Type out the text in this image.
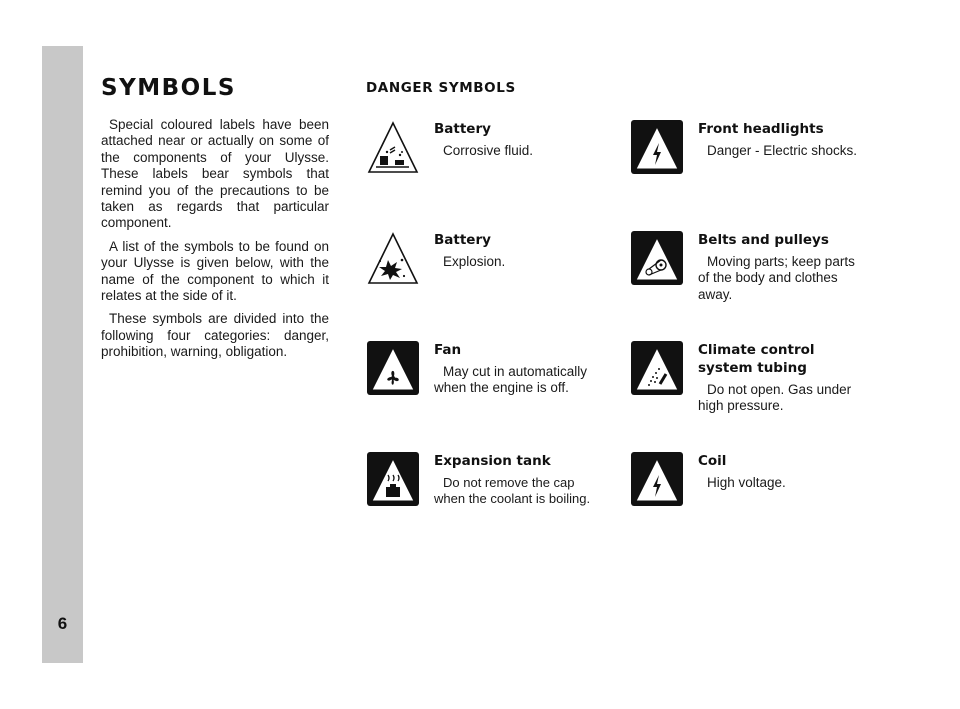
6
SYMBOLS

Special coloured labels have been attached near or actually on some of the components of your Ulysse. These labels bear symbols that remind you of the precautions to be taken as regards that particular component.

A list of the symbols to be found on your Ulysse is given below, with the name of the component to which it relates at the side of it.

These symbols are divided into the following four categories: danger, prohibition, warning, obligation.

DANGER SYMBOLS
Battery

Corrosive fluid.

Battery

Explosion.

Fan

May cut in automatically when the engine is off.

Expansion tank

Do not remove the cap when the coolant is boiling.

Front headlights

Danger - Electric shocks.

Belts and pulleys

Moving parts; keep parts of the body and clothes away.

Climate control
system tubing

Do not open. Gas under high pressure.

Coil

High voltage.
